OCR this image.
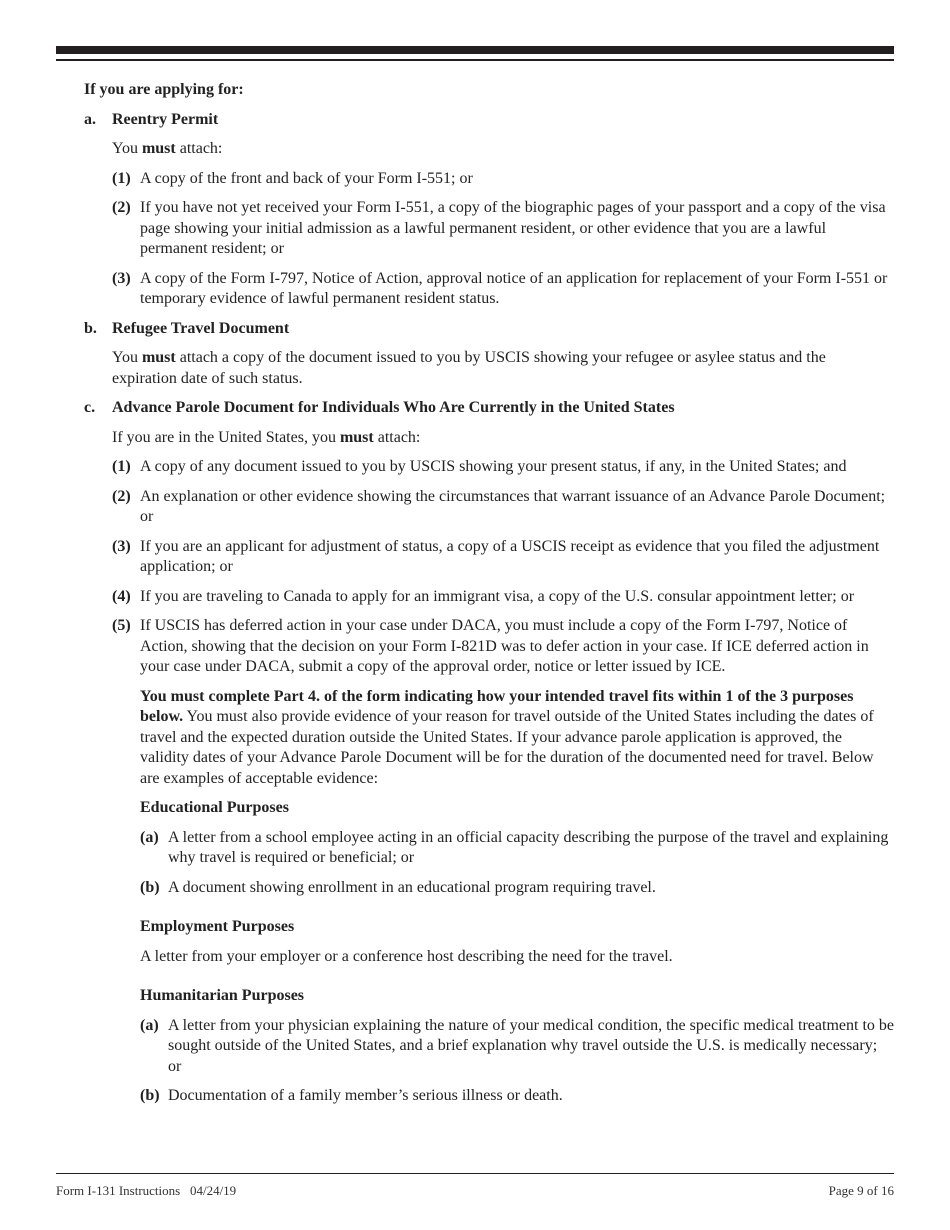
If you are applying for:

a.	Reentry Permit

You must attach:

(1) A copy of the front and back of your Form I-551; or
(2) If you have not yet received your Form I-551, a copy of the biographic pages of your passport and a copy of the visa page showing your initial admission as a lawful permanent resident, or other evidence that you are a lawful permanent resident; or
(3) A copy of the Form I-797, Notice of Action, approval notice of an application for replacement of your Form I-551 or temporary evidence of lawful permanent resident status.
b. Refugee Travel Document

You must attach a copy of the document issued to you by USCIS showing your refugee or asylee status and the expiration date of such status.

c.	Advance Parole Document for Individuals Who Are Currently in the United States

If you are in the United States, you must attach:

(1) A copy of any document issued to you by USCIS showing your present status, if any, in the United States; and
(2) An explanation or other evidence showing the circumstances that warrant issuance of an Advance Parole Document; or
(3) If you are an applicant for adjustment of status, a copy of a USCIS receipt as evidence that you filed the adjustment application; or
(4) If you are traveling to Canada to apply for an immigrant visa, a copy of the U.S. consular appointment letter; or
(5) If USCIS has deferred action in your case under DACA, you must include a copy of the Form I-797, Notice of Action, showing that the decision on your Form I-821D was to defer action in your case. If ICE deferred action in your case under DACA, submit a copy of the approval order, notice or letter issued by ICE.

You must complete Part 4. of the form indicating how your intended travel fits within 1 of the 3 purposes below. You must also provide evidence of your reason for travel outside of the United States including the dates of travel and the expected duration outside the United States. If your advance parole application is approved, the validity dates of your Advance Parole Document will be for the duration of the documented need for travel. Below are examples of acceptable evidence:

Educational Purposes

(a) A letter from a school employee acting in an official capacity describing the purpose of the travel and explaining why travel is required or beneficial; or
(b) A document showing enrollment in an educational program requiring travel.

Employment Purposes

A letter from your employer or a conference host describing the need for the travel.

Humanitarian Purposes

(a) A letter from your physician explaining the nature of your medical condition, the specific medical treatment to be sought outside of the United States, and a brief explanation why travel outside the U.S. is medically necessary; or
(b) Documentation of a family member’s serious illness or death.
Form I-131 Instructions   04/24/19	Page 9 of 16
